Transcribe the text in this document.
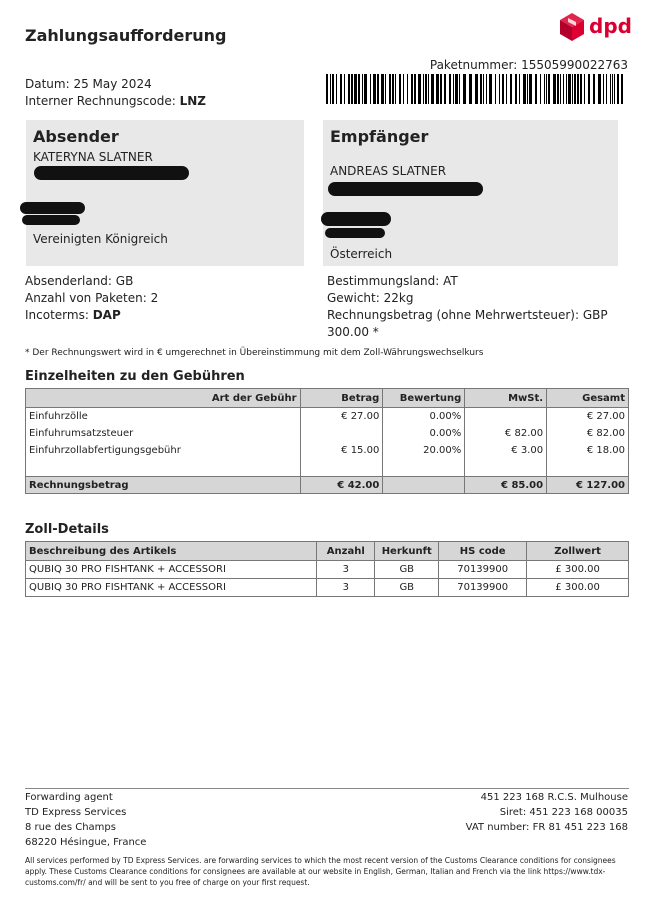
Zahlungsaufforderung	dpd
Paketnummer: 15505990022763
Datum: 25 May 2024
Interner Rechnungscode: LNZ
Absender
KATERYNA SLATNER
Vereinigten Königreich
Empfänger
ANDREAS SLATNER
Österreich
Absenderland: GB
Anzahl von Paketen: 2
Incoterms: DAP
Bestimmungsland: AT
Gewicht: 22kg
Rechnungsbetrag (ohne Mehrwertsteuer): GBP
300.00 *
* Der Rechnungswert wird in € umgerechnet in Übereinstimmung mit dem Zoll-Währungswechselkurs
Einzelheiten zu den Gebühren
Art der Gebühr	Betrag	Bewertung	MwSt.	Gesamt
Einfuhrzölle	€ 27.00	0.00%		€ 27.00
Einfuhrumsatzsteuer		0.00%	€ 82.00	€ 82.00
Einfuhrzollabfertigungsgebühr	€ 15.00	20.00%	€ 3.00	€ 18.00

Rechnungsbetrag	€ 42.00		€ 85.00	€ 127.00
Zoll-Details
Beschreibung des Artikels	Anzahl	Herkunft	HS code	Zollwert
QUBIQ 30 PRO FISHTANK + ACCESSORI	3	GB	70139900	£ 300.00
QUBIQ 30 PRO FISHTANK + ACCESSORI	3	GB	70139900	£ 300.00
Forwarding agent
TD Express Services
8 rue des Champs
68220 Hésingue, France
451 223 168 R.C.S. Mulhouse
Siret: 451 223 168 00035
VAT number: FR 81 451 223 168
All services performed by TD Express Services. are forwarding services to which the most recent version of the Customs Clearance conditions for consignees apply. These Customs Clearance conditions for consignees are available at our website in English, German, Italian and French via the link https://www.tdx-customs.com/fr/ and will be sent to you free of charge on your first request.
